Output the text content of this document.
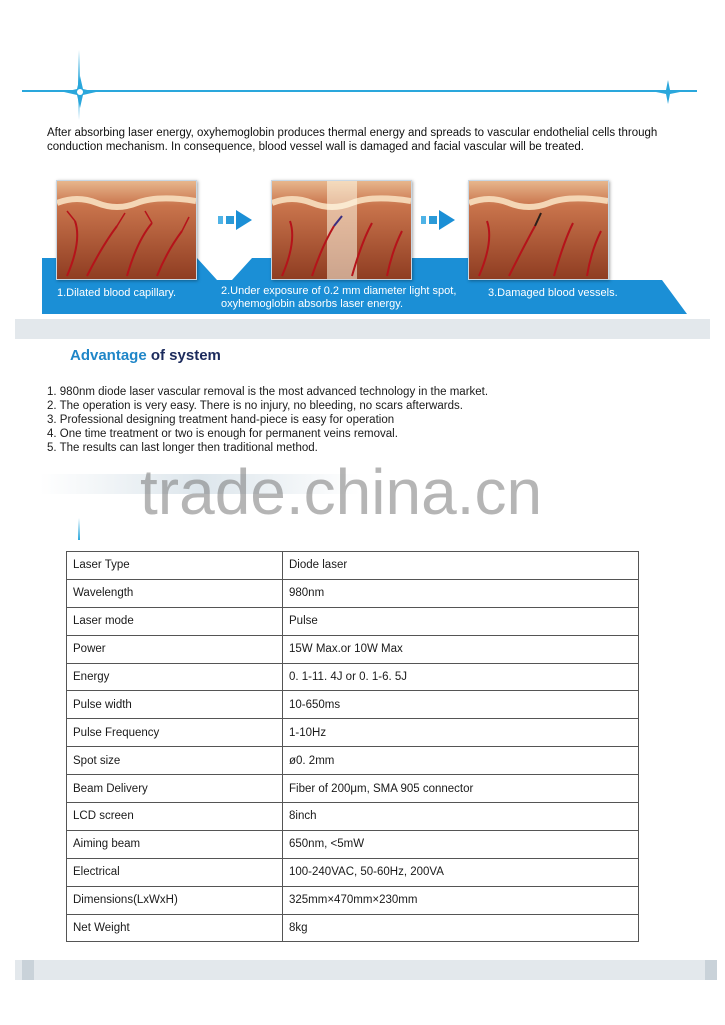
After absorbing laser energy, oxyhemoglobin produces thermal energy and spreads to vascular endothelial cells through conduction mechanism. In consequence, blood vessel wall is damaged and facial vascular will be treated.
1.Dilated blood capillary.	2.Under exposure of 0.2 mm diameter light spot, oxyhemoglobin absorbs laser energy.
3.Damaged blood vessels.
Advantage of system
1. 980nm diode laser vascular removal is the most advanced technology in the market.
2. The operation is very easy. There is no injury, no bleeding, no scars afterwards.
3. Professional designing treatment hand-piece is easy for operation
4. One time treatment or two is enough for permanent veins removal.
5. The results can last longer then traditional method.
trade.china.cn
Laser Type	Diode laser
Wavelength	980nm
Laser mode	Pulse
Power	15W Max.or 10W Max
Energy	0. 1-11. 4J or 0. 1-6. 5J
Pulse width	10-650ms
Pulse Frequency	1-10Hz
Spot size	ø0. 2mm
Beam Delivery	Fiber of 200μm, SMA 905 connector
LCD screen	8inch
Aiming beam	650nm, <5mW
Electrical	100-240VAC, 50-60Hz, 200VA
Dimensions(LxWxH)	325mm×470mm×230mm
Net Weight	8kg
